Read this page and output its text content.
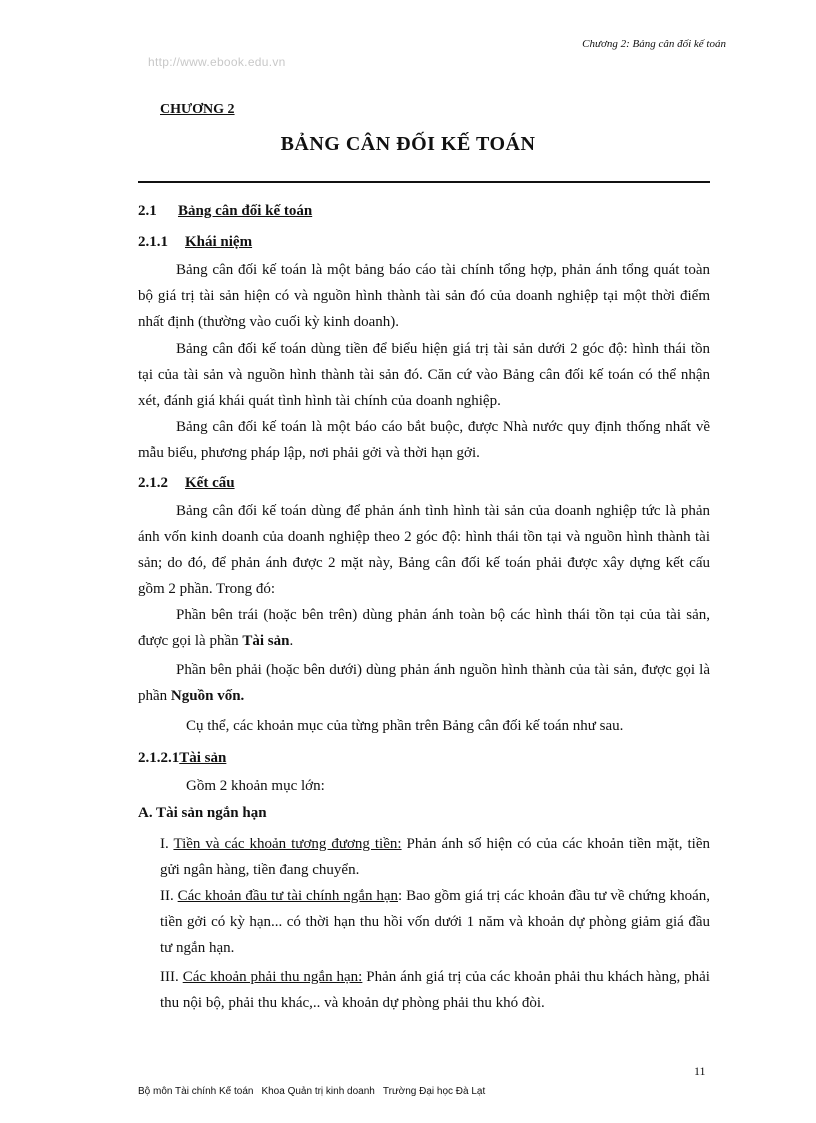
http://www.ebook.edu.vn
Chương 2: Bảng cân đối kế toán
CHƯƠNG 2
BẢNG CÂN ĐỐI KẾ TOÁN
2.1 Bảng cân đối kế toán
2.1.1 Khái niệm
Bảng cân đối kế toán là một bảng báo cáo tài chính tổng hợp, phản ánh tổng quát toàn bộ giá trị tài sản hiện có và nguồn hình thành tài sản đó của doanh nghiệp tại một thời điểm nhất định (thường vào cuối kỳ kinh doanh).
Bảng cân đối kế toán dùng tiền để biểu hiện giá trị tài sản dưới 2 góc độ: hình thái tồn tại của tài sản và nguồn hình thành tài sản đó. Căn cứ vào Bảng cân đối kế toán có thể nhận xét, đánh giá khái quát tình hình tài chính của doanh nghiệp.
Bảng cân đối kế toán là một báo cáo bắt buộc, được Nhà nước quy định thống nhất về mẫu biểu, phương pháp lập, nơi phải gởi và thời hạn gởi.
2.1.2 Kết cấu
Bảng cân đối kế toán dùng để phản ánh tình hình tài sản của doanh nghiệp tức là phản ánh vốn kinh doanh của doanh nghiệp theo 2 góc độ: hình thái tồn tại và nguồn hình thành tài sản; do đó, để phản ánh được 2 mặt này, Bảng cân đối kế toán phải được xây dựng kết cấu gồm 2 phần. Trong đó:
Phần bên trái (hoặc bên trên) dùng phản ánh toàn bộ các hình thái tồn tại của tài sản, được gọi là phần Tài sản.
Phần bên phải (hoặc bên dưới) dùng phản ánh nguồn hình thành của tài sản, được gọi là phần Nguồn vốn.
Cụ thể, các khoản mục của từng phần trên Bảng cân đối kế toán như sau.
2.1.2.1Tài sản
Gồm 2 khoản mục lớn:
A. Tài sản ngắn hạn
I. Tiền và các khoản tương đương tiền: Phản ánh số hiện có của các khoản tiền mặt, tiền gửi ngân hàng, tiền đang chuyển.
II. Các khoản đầu tư tài chính ngắn hạn: Bao gồm giá trị các khoản đầu tư về chứng khoán, tiền gởi có kỳ hạn... có thời hạn thu hồi vốn dưới 1 năm và khoản dự phòng giảm giá đầu tư ngắn hạn.
III. Các khoản phải thu ngắn hạn: Phản ánh giá trị của các khoản phải thu khách hàng, phải thu nội bộ, phải thu khác,.. và khoản dự phòng phải thu khó đòi.
11
Bộ môn Tài chính Kế toán Khoa Quản trị kinh doanh Trường Đại học Đà Lạt
